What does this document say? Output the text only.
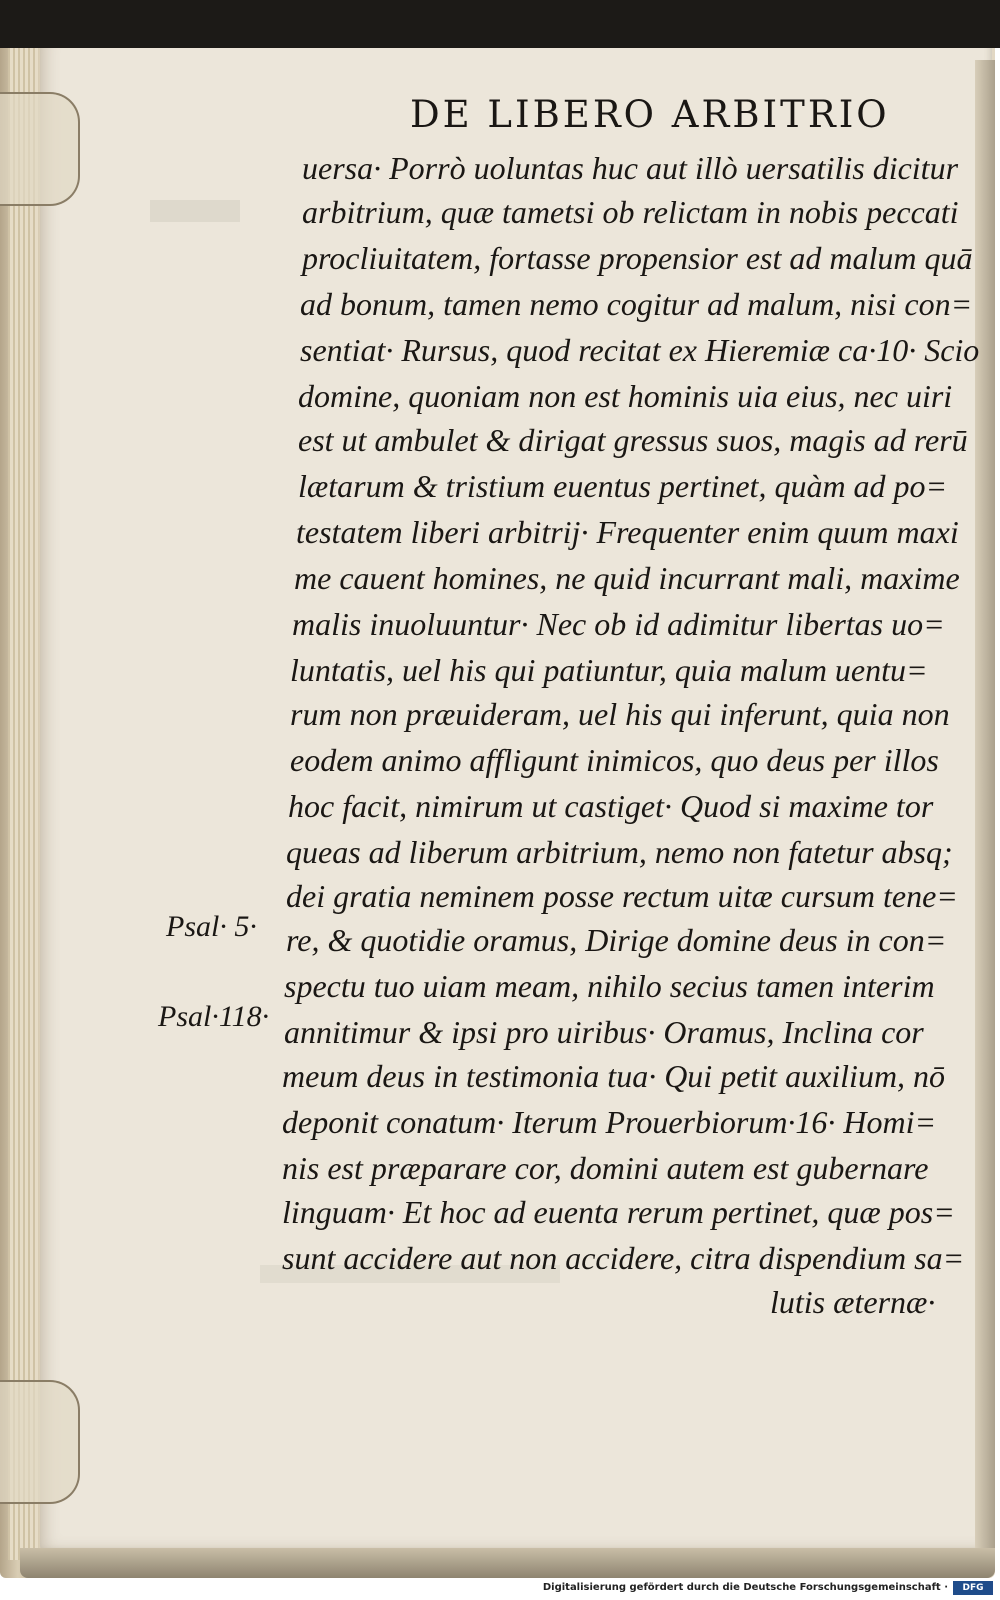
DE LIBERO ARBITRIO
uersa· Porrò uoluntas huc aut illò uersatilis dicitur
arbitrium, quæ tametsi ob relictam in nobis peccati
procliuitatem, fortasse propensior est ad malum quā
ad bonum, tamen nemo cogitur ad malum, nisi con=
sentiat· Rursus, quod recitat ex Hieremiæ ca·10· Scio
domine, quoniam non est hominis uia eius, nec uiri
est ut ambulet & dirigat gressus suos, magis ad rerū
lætarum & tristium euentus pertinet, quàm ad po=
testatem liberi arbitrij· Frequenter enim quum maxi
me cauent homines, ne quid incurrant mali, maxime
malis inuoluuntur· Nec ob id adimitur libertas uo=
luntatis, uel his qui patiuntur, quia malum uentu=
rum non præuideram, uel his qui inferunt, quia non
eodem animo affligunt inimicos, quo deus per illos
hoc facit, nimirum ut castiget· Quod si maxime tor
queas ad liberum arbitrium, nemo non fatetur absq;
dei gratia neminem posse rectum uitæ cursum tene=
re, & quotidie oramus, Dirige domine deus in con=
spectu tuo uiam meam, nihilo secius tamen interim
annitimur & ipsi pro uiribus· Oramus, Inclina cor
meum deus in testimonia tua· Qui petit auxilium, nō
deponit conatum· Iterum Prouerbiorum·16· Homi=
nis est præparare cor, domini autem est gubernare
linguam· Et hoc ad euenta rerum pertinet, quæ pos=
sunt accidere aut non accidere, citra dispendium sa=
lutis æternæ·
Psal· 5·
Psal·118·
Digitalisierung gefördert durch die Deutsche Forschungsgemeinschaft ·	DFG
